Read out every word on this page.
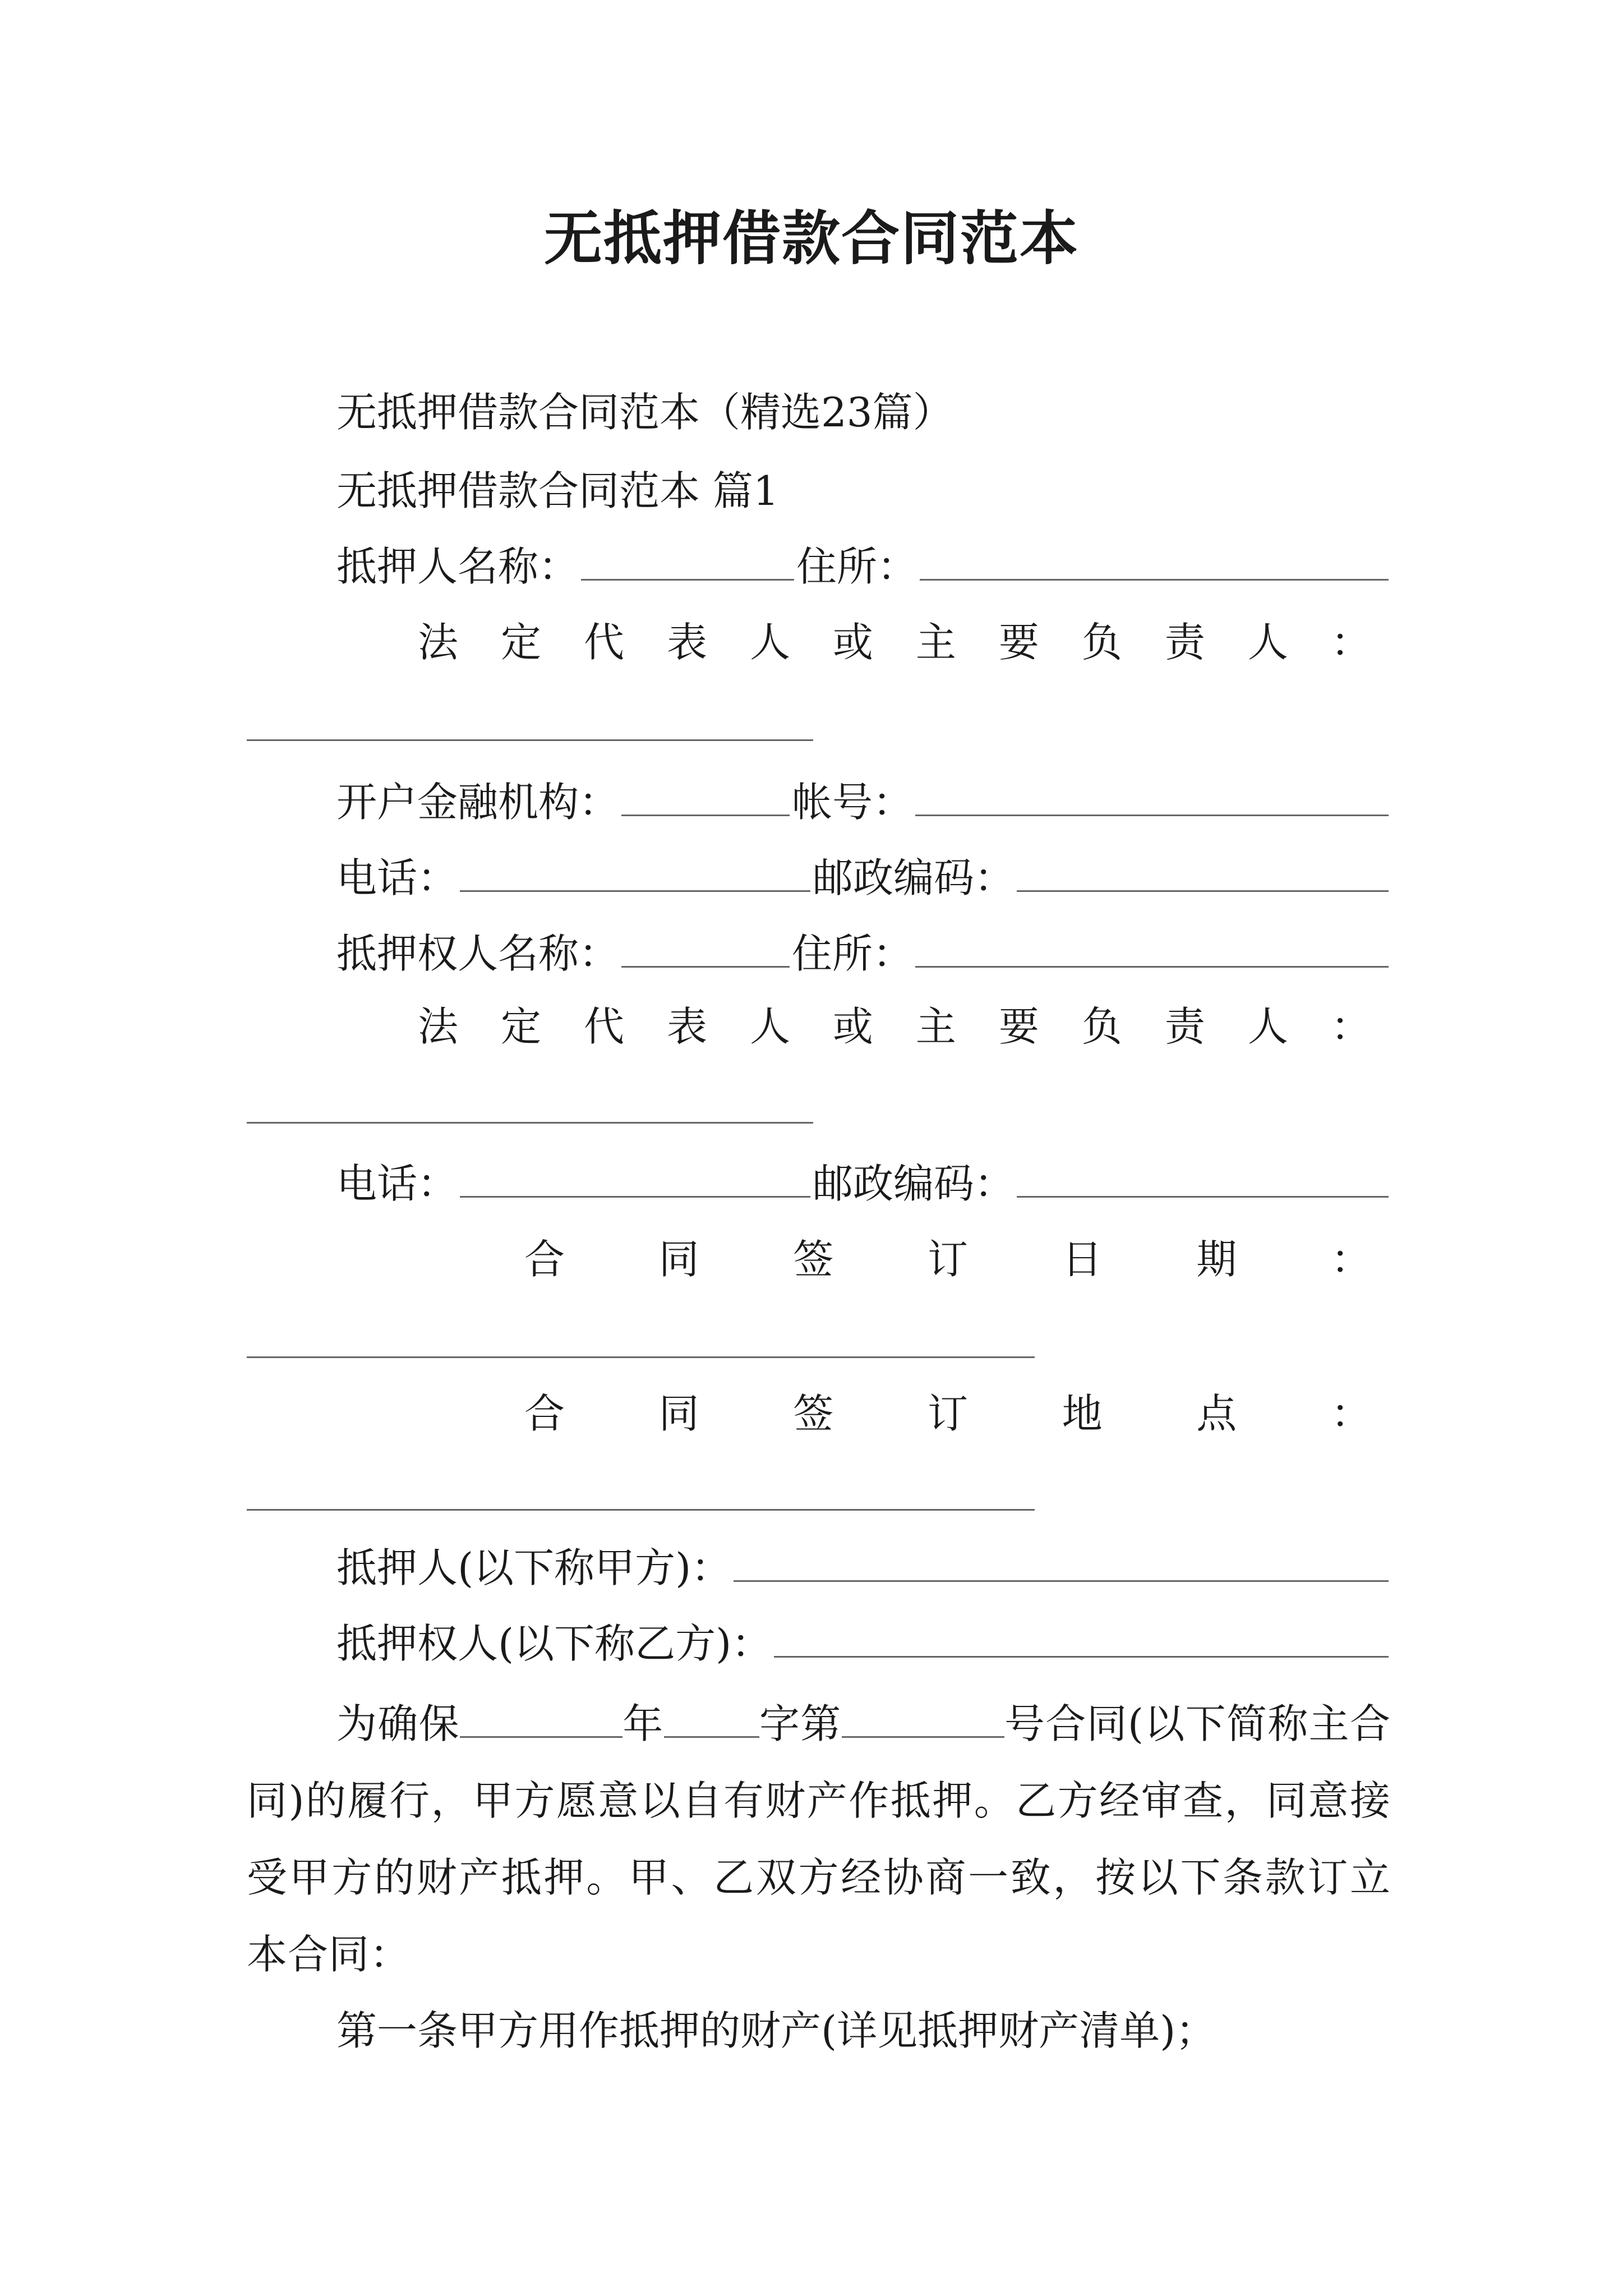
无抵押借款合同范本
无抵押借款合同范本（精选23篇）
无抵押借款合同范本 篇1
抵押人名称：	住所：
法 定 代 表 人 或 主 要 负 责 人 ：
开户金融机构：	帐号：
电话：	邮政编码：
抵押权人名称：	住所：
法 定 代 表 人 或 主 要 负 责 人 ：
电话：	邮政编码：
合 同 签 订 日 期 ：
合 同 签 订 地 点 ：
抵押人(以下称甲方)：
抵押权人(以下称乙方)：
为确保	年 字第	号合同(以下简称主合同)的履行，甲方愿意以自有财产作抵押。乙方经审查，同意接受甲方的财产抵押。甲、乙双方经协商一致，按以下条款订立本合同：
第一条甲方用作抵押的财产(详见抵押财产清单)；
